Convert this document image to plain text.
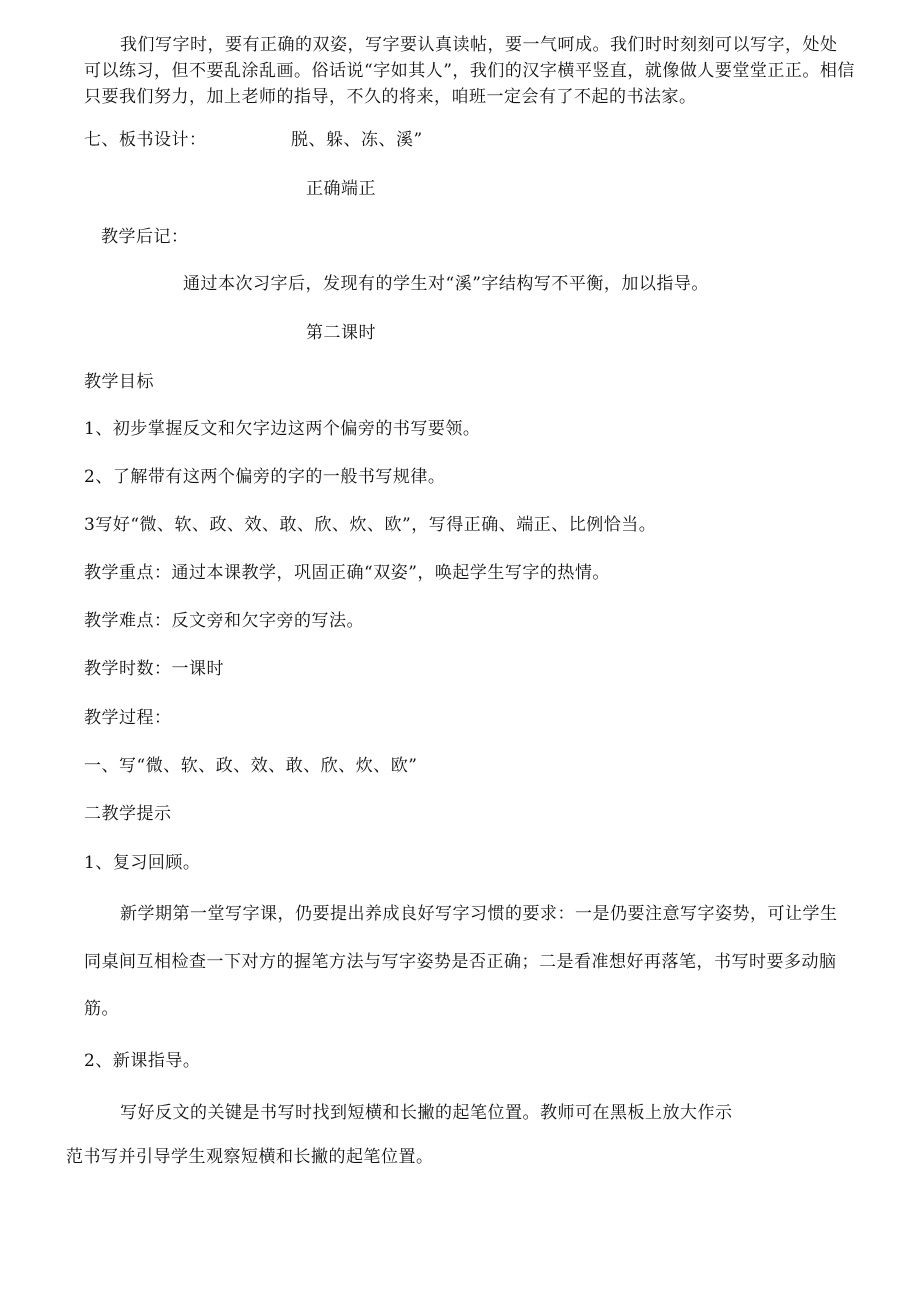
我们写字时，要有正确的双姿，写字要认真读帖，要一气呵成。我们时时刻刻可以写字，处处
可以练习，但不要乱涂乱画。俗话说“字如其人”，我们的汉字横平竖直，就像做人要堂堂正正。相信
只要我们努力，加上老师的指导，不久的将来，咱班一定会有了不起的书法家。
七、板书设计：	脱、躲、冻、溪”
正确端正
教学后记：
通过本次习字后，发现有的学生对“溪”字结构写不平衡，加以指导。
第二课时
教学目标
1、初步掌握反文和欠字边这两个偏旁的书写要领。
2、了解带有这两个偏旁的字的一般书写规律。
3写好“微、软、政、效、敢、欣、炊、欧”，写得正确、端正、比例恰当。
教学重点：通过本课教学，巩固正确“双姿”，唤起学生写字的热情。
教学难点：反文旁和欠字旁的写法。
教学时数：一课时
教学过程：
一、写“微、软、政、效、敢、欣、炊、欧”
二教学提示
1、复习回顾。
新学期第一堂写字课，仍要提出养成良好写字习惯的要求：一是仍要注意写字姿势，可让学生
同桌间互相检查一下对方的握笔方法与写字姿势是否正确；二是看准想好再落笔，书写时要多动脑
筋。
2、新课指导。
写好反文的关键是书写时找到短横和长撇的起笔位置。教师可在黑板上放大作示
范书写并引导学生观察短横和长撇的起笔位置。
